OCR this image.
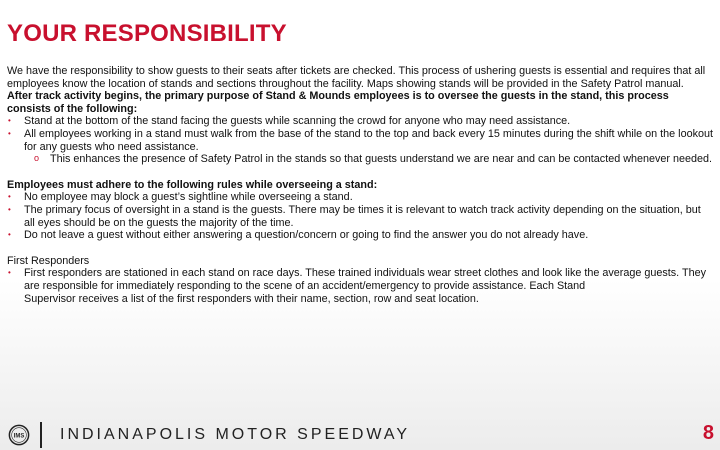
YOUR RESPONSIBILITY

We have the responsibility to show guests to their seats after tickets are checked. This process of ushering guests is essential and requires that all employees know the location of stands and sections throughout the facility. Maps showing stands will be provided in the Safety Patrol manual.

After track activity begins, the primary purpose of Stand & Mounds employees is to oversee the guests in the stand, this process consists of the following:

• Stand at the bottom of the stand facing the guests while scanning the crowd for anyone who may need assistance.
• All employees working in a stand must walk from the base of the stand to the top and back every 15 minutes during the shift while on the lookout for any guests who need assistance.
o This enhances the presence of Safety Patrol in the stands so that guests understand we are near and can be contacted whenever needed.

Employees must adhere to the following rules while overseeing a stand:

• No employee may block a guest’s sightline while overseeing a stand.
• The primary focus of oversight in a stand is the guests. There may be times it is relevant to watch track activity depending on the situation, but all eyes should be on the guests the majority of the time.
• Do not leave a guest without either answering a question/concern or going to find the answer you do not already have.

First Responders

• First responders are stationed in each stand on race days. These trained individuals wear street clothes and look like the average guests. They are responsible for immediately responding to the scene of an accident/emergency to provide assistance. Each Stand
Supervisor receives a list of the first responders with their name, section, row and seat location.
IMS INDIANAPOLIS MOTOR SPEEDWAY	8
